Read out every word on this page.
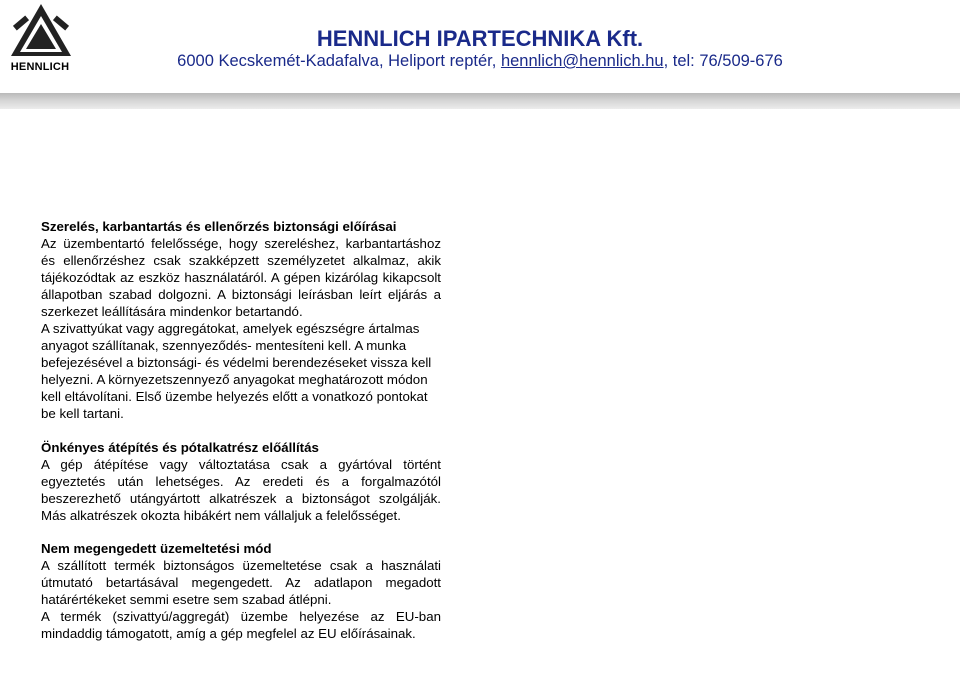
HENNLICH
HENNLICH IPARTECHNIKA Kft.
6000 Kecskemét-Kadafalva, Heliport reptér, hennlich@hennlich.hu, tel: 76/509-676
Szerelés, karbantartás és ellenőrzés biztonsági előírásai

Az üzembentartó felelőssége, hogy szereléshez, karbantartáshoz és ellenőrzéshez csak szakképzett személyzetet alkalmaz, akik tájékozódtak az eszköz használatáról. A gépen kizárólag kikapcsolt állapotban szabad dolgozni. A biztonsági leírásban leírt eljárás a szerkezet leállítására mindenkor betartandó.

A szivattyúkat vagy aggregátokat, amelyek egészségre ártalmas anyagot szállítanak, szennyeződés- mentesíteni kell. A munka befejezésével a biztonsági- és védelmi berendezéseket vissza kell helyezni. A környezetszennyező anyagokat meghatározott módon kell eltávolítani. Első üzembe helyezés előtt a vonatkozó pontokat be kell tartani.

Önkényes átépítés és pótalkatrész előállítás

A gép átépítése vagy változtatása csak a gyártóval történt egyeztetés után lehetséges. Az eredeti és a forgalmazótól beszerezhető utángyártott alkatrészek a biztonságot szolgálják. Más alkatrészek okozta hibákért nem vállaljuk a felelősséget.

Nem megengedett üzemeltetési mód

A szállított termék biztonságos üzemeltetése csak a használati útmutató betartásával megengedett. Az adatlapon megadott határértékeket semmi esetre sem szabad átlépni.

A termék (szivattyú/aggregát) üzembe helyezése az EU-ban mindaddig támogatott, amíg a gép megfelel az EU előírásainak.
